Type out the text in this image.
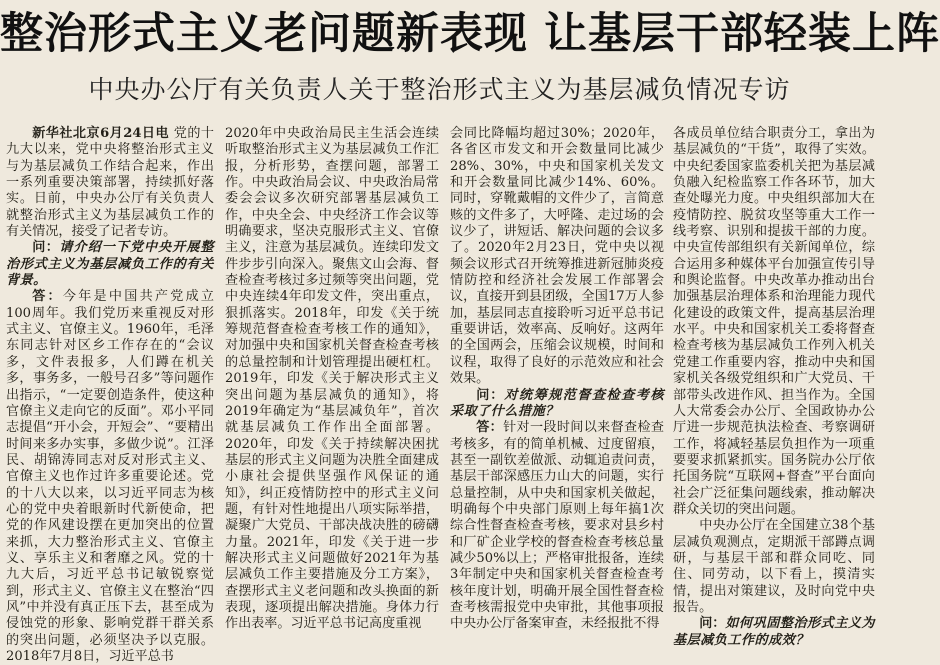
整治形式主义老问题新表现 让基层干部轻装上阵
中央办公厅有关负责人关于整治形式主义为基层减负情况专访

新华社北京6月24日电 党的十九大以来，党中央将整治形式主义与为基层减负工作结合起来，作出一系列重要决策部署，持续抓好落实。日前，中央办公厅有关负责人就整治形式主义为基层减负工作的有关情况，接受了记者专访。

问：请介绍一下党中央开展整治形式主义为基层减负工作的有关背景。

答：今年是中国共产党成立100周年。我们党历来重视反对形式主义、官僚主义。1960年，毛泽东同志针对区乡工作存在的“会议多，文件表报多，人们蹲在机关多，事务多，一般号召多”等问题作出指示，“一定要创造条件，使这种官僚主义走向它的反面”。邓小平同志提倡“开小会，开短会”、“要精出时间来多办实事，多做少说”。江泽民、胡锦涛同志对反对形式主义、官僚主义也作过许多重要论述。党的十八大以来，以习近平同志为核心的党中央着眼新时代新使命，把党的作风建设摆在更加突出的位置来抓，大力整治形式主义、官僚主义、享乐主义和奢靡之风。党的十九大后，习近平总书记敏锐察觉到，形式主义、官僚主义在整治“四风”中并没有真正压下去，甚至成为侵蚀党的形象、影响党群干群关系的突出问题，必须坚决予以克服。2018年7月8日，习近平总书

2020年中央政治局民主生活会连续听取整治形式主义为基层减负工作汇报，分析形势，查摆问题，部署工作。中央政治局会议、中央政治局常委会会议多次研究部署基层减负工作，中央全会、中央经济工作会议等明确要求，坚决克服形式主义、官僚主义，注意为基层减负。连续印发文件步步引向深入。聚焦文山会海、督查检查考核过多过频等突出问题，党中央连续4年印发文件，突出重点，狠抓落实。2018年，印发《关于统筹规范督查检查考核工作的通知》，对加强中央和国家机关督查检查考核的总量控制和计划管理提出硬杠杠。2019年，印发《关于解决形式主义突出问题为基层减负的通知》，将2019年确定为“基层减负年”，首次就基层减负工作作出全面部署。2020年，印发《关于持续解决困扰基层的形式主义问题为决胜全面建成小康社会提供坚强作风保证的通知》，纠正疫情防控中的形式主义问题，有针对性地提出八项实际举措，凝聚广大党员、干部决战决胜的磅礴力量。2021年，印发《关于进一步解决形式主义问题做好2021年为基层减负工作主要措施及分工方案》，查摆形式主义老问题和改头换面的新表现，逐项提出解决措施。身体力行作出表率。习近平总书记高度重视

会同比降幅均超过30%；2020年，各省区市发文和开会数量同比减少28%、30%，中央和国家机关发文和开会数量同比减少14%、60%。同时，穿靴戴帽的文件少了，言简意赅的文件多了，大呼隆、走过场的会议少了，讲短话、解决问题的会议多了。2020年2月23日，党中央以视频会议形式召开统筹推进新冠肺炎疫情防控和经济社会发展工作部署会议，直接开到县团级，全国17万人参加，基层同志直接聆听习近平总书记重要讲话，效率高、反响好。这两年的全国两会，压缩会议规模，时间和议程，取得了良好的示范效应和社会效果。

问：对统筹规范督查检查考核采取了什么措施？

答：针对一段时间以来督查检查考核多，有的简单机械、过度留痕，甚至一副钦差做派、动辄追责问责，基层干部深感压力山大的问题，实行总量控制，从中央和国家机关做起，明确每个中央部门原则上每年搞1次综合性督查检查考核，要求对县乡村和厂矿企业学校的督查检查考核总量减少50%以上；严格审批报备，连续3年制定中央和国家机关督查检查考核年度计划，明确开展全国性督查检查考核需报党中央审批，其他事项报中央办公厅备案审查，未经报批不得

各成员单位结合职责分工，拿出为基层减负的“干货”，取得了实效。中央纪委国家监委机关把为基层减负融入纪检监察工作各环节，加大查处曝光力度。中央组织部加大在疫情防控、脱贫攻坚等重大工作一线考察、识别和提拔干部的力度。中央宣传部组织有关新闻单位，综合运用多种媒体平台加强宣传引导和舆论监督。中央改革办推动出台加强基层治理体系和治理能力现代化建设的政策文件，提高基层治理水平。中央和国家机关工委将督查检查考核为基层减负工作列入机关党建工作重要内容，推动中央和国家机关各级党组织和广大党员、干部带头改进作风、担当作为。全国人大常委会办公厅、全国政协办公厅进一步规范执法检查、考察调研工作，将减轻基层负担作为一项重要要求抓紧抓实。国务院办公厅依托国务院“互联网+督查”平台面向社会广泛征集问题线索，推动解决群众关切的突出问题。

中央办公厅在全国建立38个基层减负观测点，定期派干部蹲点调研，与基层干部和群众同吃、同住、同劳动，以下看上，摸清实情，提出对策建议，及时向党中央报告。

问：如何巩固整治形式主义为基层减负工作的成效？
